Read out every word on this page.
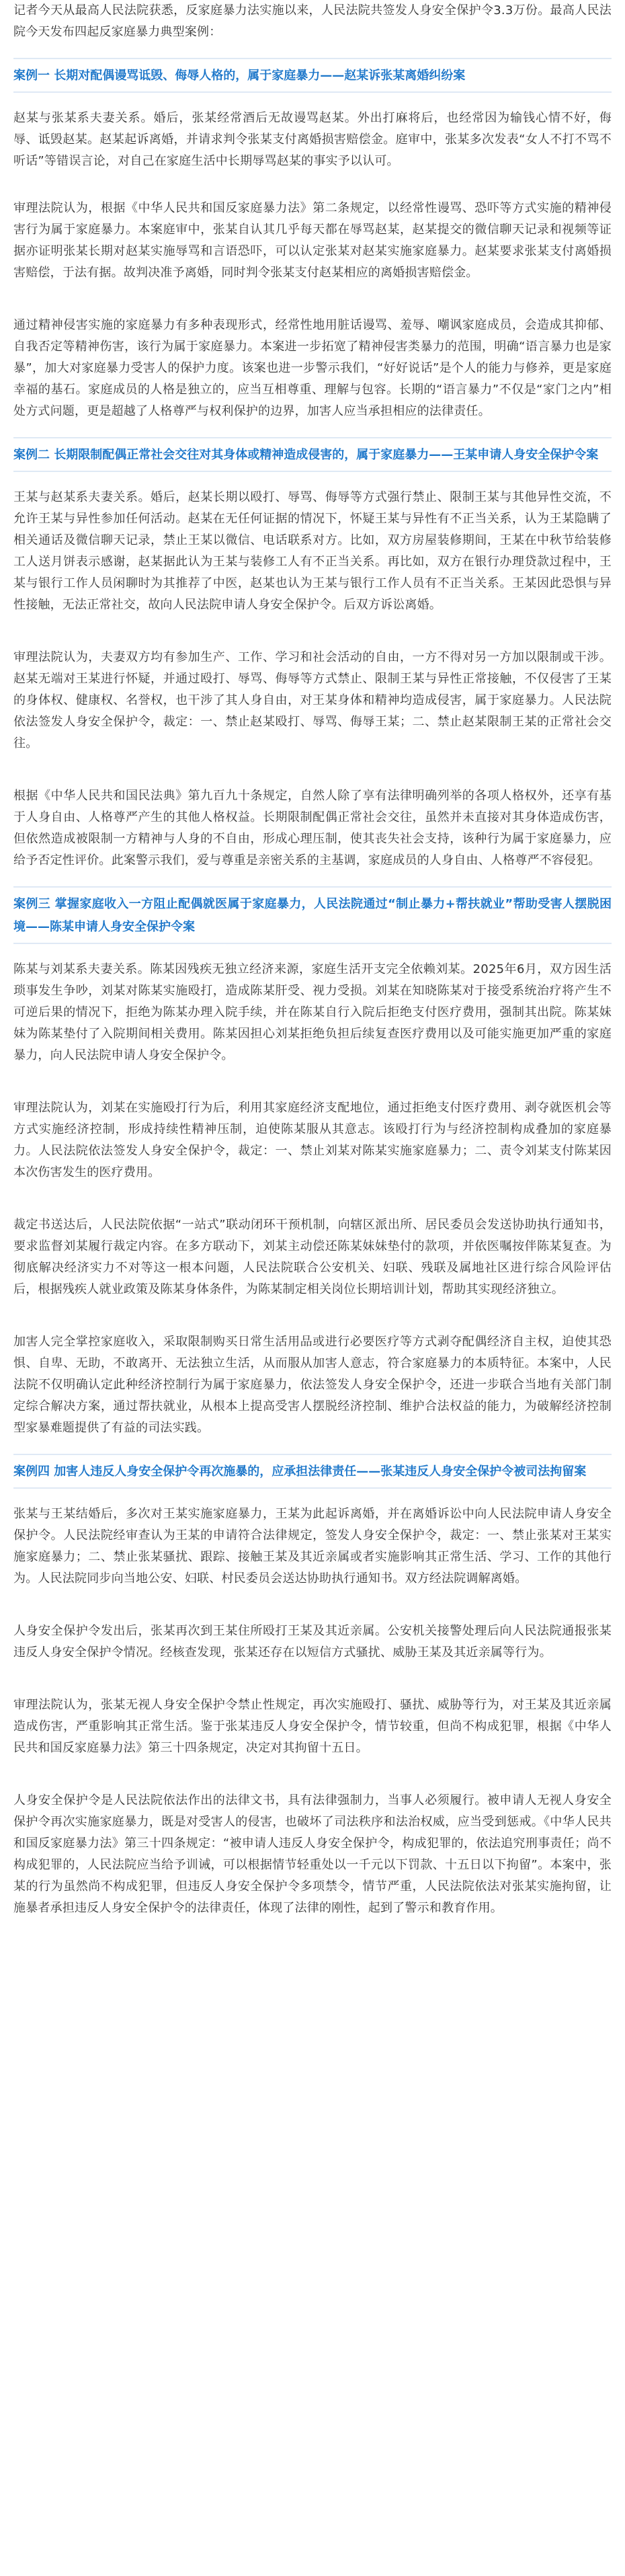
记者今天从最高人民法院获悉，反家庭暴力法实施以来，人民法院共签发人身安全保护令3.3万份。最高人民法院今天发布四起反家庭暴力典型案例：

案例一 长期对配偶谩骂诋毁、侮辱人格的，属于家庭暴力——赵某诉张某离婚纠纷案

赵某与张某系夫妻关系。婚后，张某经常酒后无故谩骂赵某。外出打麻将后，也经常因为输钱心情不好，侮辱、诋毁赵某。赵某起诉离婚，并请求判令张某支付离婚损害赔偿金。庭审中，张某多次发表“女人不打不骂不听话”等错误言论，对自己在家庭生活中长期辱骂赵某的事实予以认可。

审理法院认为，根据《中华人民共和国反家庭暴力法》第二条规定，以经常性谩骂、恐吓等方式实施的精神侵害行为属于家庭暴力。本案庭审中，张某自认其几乎每天都在辱骂赵某，赵某提交的微信聊天记录和视频等证据亦证明张某长期对赵某实施辱骂和言语恐吓，可以认定张某对赵某实施家庭暴力。赵某要求张某支付离婚损害赔偿，于法有据。故判决准予离婚，同时判令张某支付赵某相应的离婚损害赔偿金。

通过精神侵害实施的家庭暴力有多种表现形式，经常性地用脏话谩骂、羞辱、嘲讽家庭成员，会造成其抑郁、自我否定等精神伤害，该行为属于家庭暴力。本案进一步拓宽了精神侵害类暴力的范围，明确“语言暴力也是家暴”，加大对家庭暴力受害人的保护力度。该案也进一步警示我们，“好好说话”是个人的能力与修养，更是家庭幸福的基石。家庭成员的人格是独立的，应当互相尊重、理解与包容。长期的“语言暴力”不仅是“家门之内”相处方式问题，更是超越了人格尊严与权利保护的边界，加害人应当承担相应的法律责任。

案例二 长期限制配偶正常社会交往对其身体或精神造成侵害的，属于家庭暴力——王某申请人身安全保护令案

王某与赵某系夫妻关系。婚后，赵某长期以殴打、辱骂、侮辱等方式强行禁止、限制王某与其他异性交流，不允许王某与异性参加任何活动。赵某在无任何证据的情况下，怀疑王某与异性有不正当关系，认为王某隐瞒了相关通话及微信聊天记录，禁止王某以微信、电话联系对方。比如，双方房屋装修期间，王某在中秋节给装修工人送月饼表示感谢，赵某据此认为王某与装修工人有不正当关系。再比如，双方在银行办理贷款过程中，王某与银行工作人员闲聊时为其推荐了中医，赵某也认为王某与银行工作人员有不正当关系。王某因此恐惧与异性接触，无法正常社交，故向人民法院申请人身安全保护令。后双方诉讼离婚。

审理法院认为，夫妻双方均有参加生产、工作、学习和社会活动的自由，一方不得对另一方加以限制或干涉。赵某无端对王某进行怀疑，并通过殴打、辱骂、侮辱等方式禁止、限制王某与异性正常接触，不仅侵害了王某的身体权、健康权、名誉权，也干涉了其人身自由，对王某身体和精神均造成侵害，属于家庭暴力。人民法院依法签发人身安全保护令，裁定：一、禁止赵某殴打、辱骂、侮辱王某；二、禁止赵某限制王某的正常社会交往。

根据《中华人民共和国民法典》第九百九十条规定，自然人除了享有法律明确列举的各项人格权外，还享有基于人身自由、人格尊严产生的其他人格权益。长期限制配偶正常社会交往，虽然并未直接对其身体造成伤害，但依然造成被限制一方精神与人身的不自由，形成心理压制，使其丧失社会支持，该种行为属于家庭暴力，应给予否定性评价。此案警示我们，爱与尊重是亲密关系的主基调，家庭成员的人身自由、人格尊严不容侵犯。

案例三 掌握家庭收入一方阻止配偶就医属于家庭暴力，人民法院通过“制止暴力+帮扶就业”帮助受害人摆脱困境——陈某申请人身安全保护令案

陈某与刘某系夫妻关系。陈某因残疾无独立经济来源，家庭生活开支完全依赖刘某。2025年6月，双方因生活琐事发生争吵，刘某对陈某实施殴打，造成陈某肝受、视力受损。刘某在知晓陈某对于接受系统治疗将产生不可逆后果的情况下，拒绝为陈某办理入院手续，并在陈某自行入院后拒绝支付医疗费用，强制其出院。陈某妹妹为陈某垫付了入院期间相关费用。陈某因担心刘某拒绝负担后续复查医疗费用以及可能实施更加严重的家庭暴力，向人民法院申请人身安全保护令。

审理法院认为，刘某在实施殴打行为后，利用其家庭经济支配地位，通过拒绝支付医疗费用、剥夺就医机会等方式实施经济控制，形成持续性精神压制，迫使陈某服从其意志。该殴打行为与经济控制构成叠加的家庭暴力。人民法院依法签发人身安全保护令，裁定：一、禁止刘某对陈某实施家庭暴力；二、责令刘某支付陈某因本次伤害发生的医疗费用。

裁定书送达后，人民法院依据“一站式”联动闭环干预机制，向辖区派出所、居民委员会发送协助执行通知书，要求监督刘某履行裁定内容。在多方联动下，刘某主动偿还陈某妹妹垫付的款项，并依医嘱按伴陈某复查。为彻底解决经济实力不对等这一根本问题，人民法院联合公安机关、妇联、残联及属地社区进行综合风险评估后，根据残疾人就业政策及陈某身体条件，为陈某制定相关岗位长期培训计划，帮助其实现经济独立。

加害人完全掌控家庭收入，采取限制购买日常生活用品或进行必要医疗等方式剥夺配偶经济自主权，迫使其恐惧、自卑、无助，不敢离开、无法独立生活，从而服从加害人意志，符合家庭暴力的本质特征。本案中，人民法院不仅明确认定此种经济控制行为属于家庭暴力，依法签发人身安全保护令，还进一步联合当地有关部门制定综合解决方案，通过帮扶就业，从根本上提高受害人摆脱经济控制、维护合法权益的能力，为破解经济控制型家暴难题提供了有益的司法实践。

案例四 加害人违反人身安全保护令再次施暴的，应承担法律责任——张某违反人身安全保护令被司法拘留案

张某与王某结婚后，多次对王某实施家庭暴力，王某为此起诉离婚，并在离婚诉讼中向人民法院申请人身安全保护令。人民法院经审查认为王某的申请符合法律规定，签发人身安全保护令，裁定：一、禁止张某对王某实施家庭暴力；二、禁止张某骚扰、跟踪、接触王某及其近亲属或者实施影响其正常生活、学习、工作的其他行为。人民法院同步向当地公安、妇联、村民委员会送达协助执行通知书。双方经法院调解离婚。

人身安全保护令发出后，张某再次到王某住所殴打王某及其近亲属。公安机关接警处理后向人民法院通报张某违反人身安全保护令情况。经核查发现，张某还存在以短信方式骚扰、威胁王某及其近亲属等行为。

审理法院认为，张某无视人身安全保护令禁止性规定，再次实施殴打、骚扰、威胁等行为，对王某及其近亲属造成伤害，严重影响其正常生活。鉴于张某违反人身安全保护令，情节较重，但尚不构成犯罪，根据《中华人民共和国反家庭暴力法》第三十四条规定，决定对其拘留十五日。

人身安全保护令是人民法院依法作出的法律文书，具有法律强制力，当事人必须履行。被申请人无视人身安全保护令再次实施家庭暴力，既是对受害人的侵害，也破坏了司法秩序和法治权威，应当受到惩戒。《中华人民共和国反家庭暴力法》第三十四条规定：“被申请人违反人身安全保护令，构成犯罪的，依法追究刑事责任；尚不构成犯罪的，人民法院应当给予训诫，可以根据情节轻重处以一千元以下罚款、十五日以下拘留”。本案中，张某的行为虽然尚不构成犯罪，但违反人身安全保护令多项禁令，情节严重，人民法院依法对张某实施拘留，让施暴者承担违反人身安全保护令的法律责任，体现了法律的刚性，起到了警示和教育作用。
